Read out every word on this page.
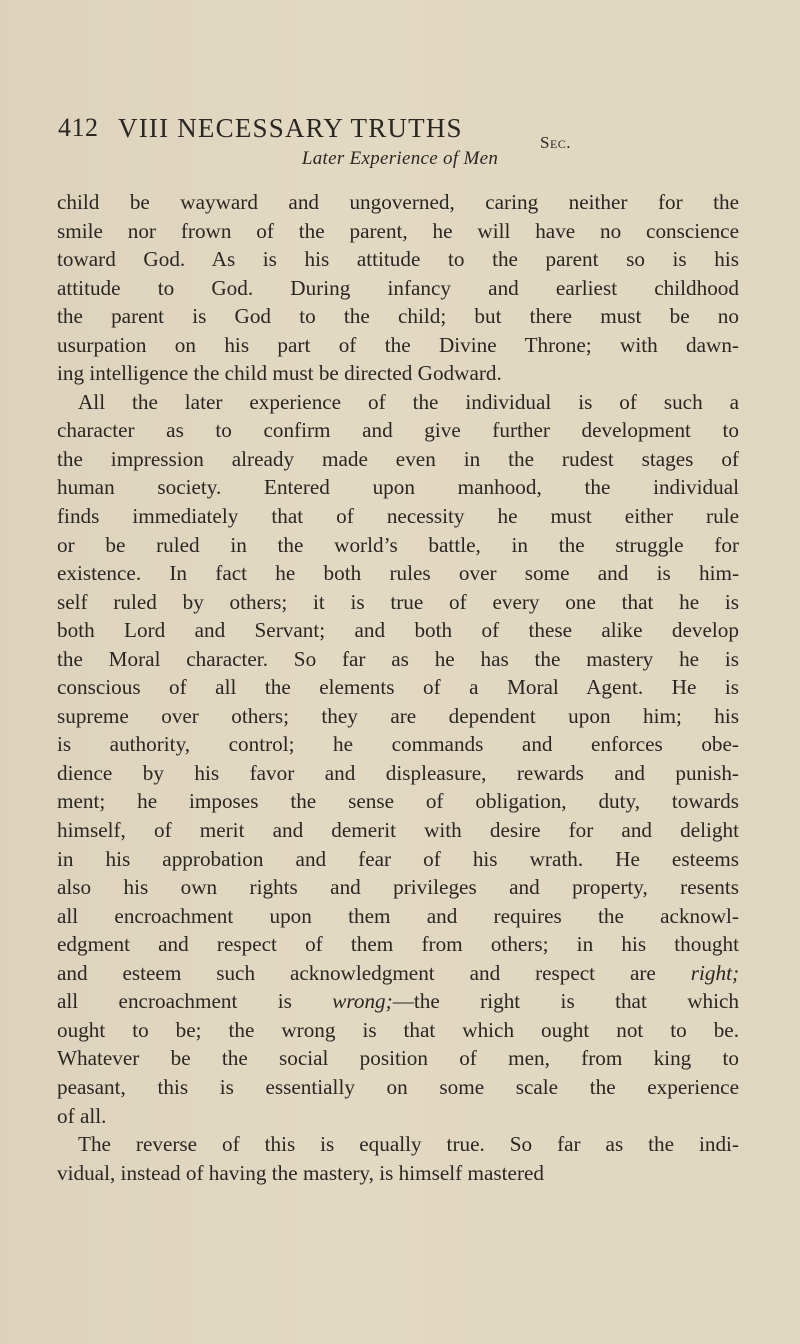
412 VIII NECESSARY TRUTHS	Sec.
Later Experience of Men
child be wayward and ungoverned, caring neither for the
smile nor frown of the parent, he will have no conscience
toward God. As is his attitude to the parent so is his
attitude to God. During infancy and earliest childhood
the parent is God to the child; but there must be no
usurpation on his part of the Divine Throne; with dawn-
ing intelligence the child must be directed Godward.
All the later experience of the individual is of such a
character as to confirm and give further development to
the impression already made even in the rudest stages of
human society. Entered upon manhood, the individual
finds immediately that of necessity he must either rule
or be ruled in the world’s battle, in the struggle for
existence. In fact he both rules over some and is him-
self ruled by others; it is true of every one that he is
both Lord and Servant; and both of these alike develop
the Moral character. So far as he has the mastery he is
conscious of all the elements of a Moral Agent. He is
supreme over others; they are dependent upon him; his
is authority, control; he commands and enforces obe-
dience by his favor and displeasure, rewards and punish-
ment; he imposes the sense of obligation, duty, towards
himself, of merit and demerit with desire for and delight
in his approbation and fear of his wrath. He esteems
also his own rights and privileges and property, resents
all encroachment upon them and requires the acknowl-
edgment and respect of them from others; in his thought
and esteem such acknowledgment and respect are right;
all encroachment is wrong;—the right is that which
ought to be; the wrong is that which ought not to be.
Whatever be the social position of men, from king to
peasant, this is essentially on some scale the experience
of all.
The reverse of this is equally true. So far as the indi-
vidual, instead of having the mastery, is himself mastered
